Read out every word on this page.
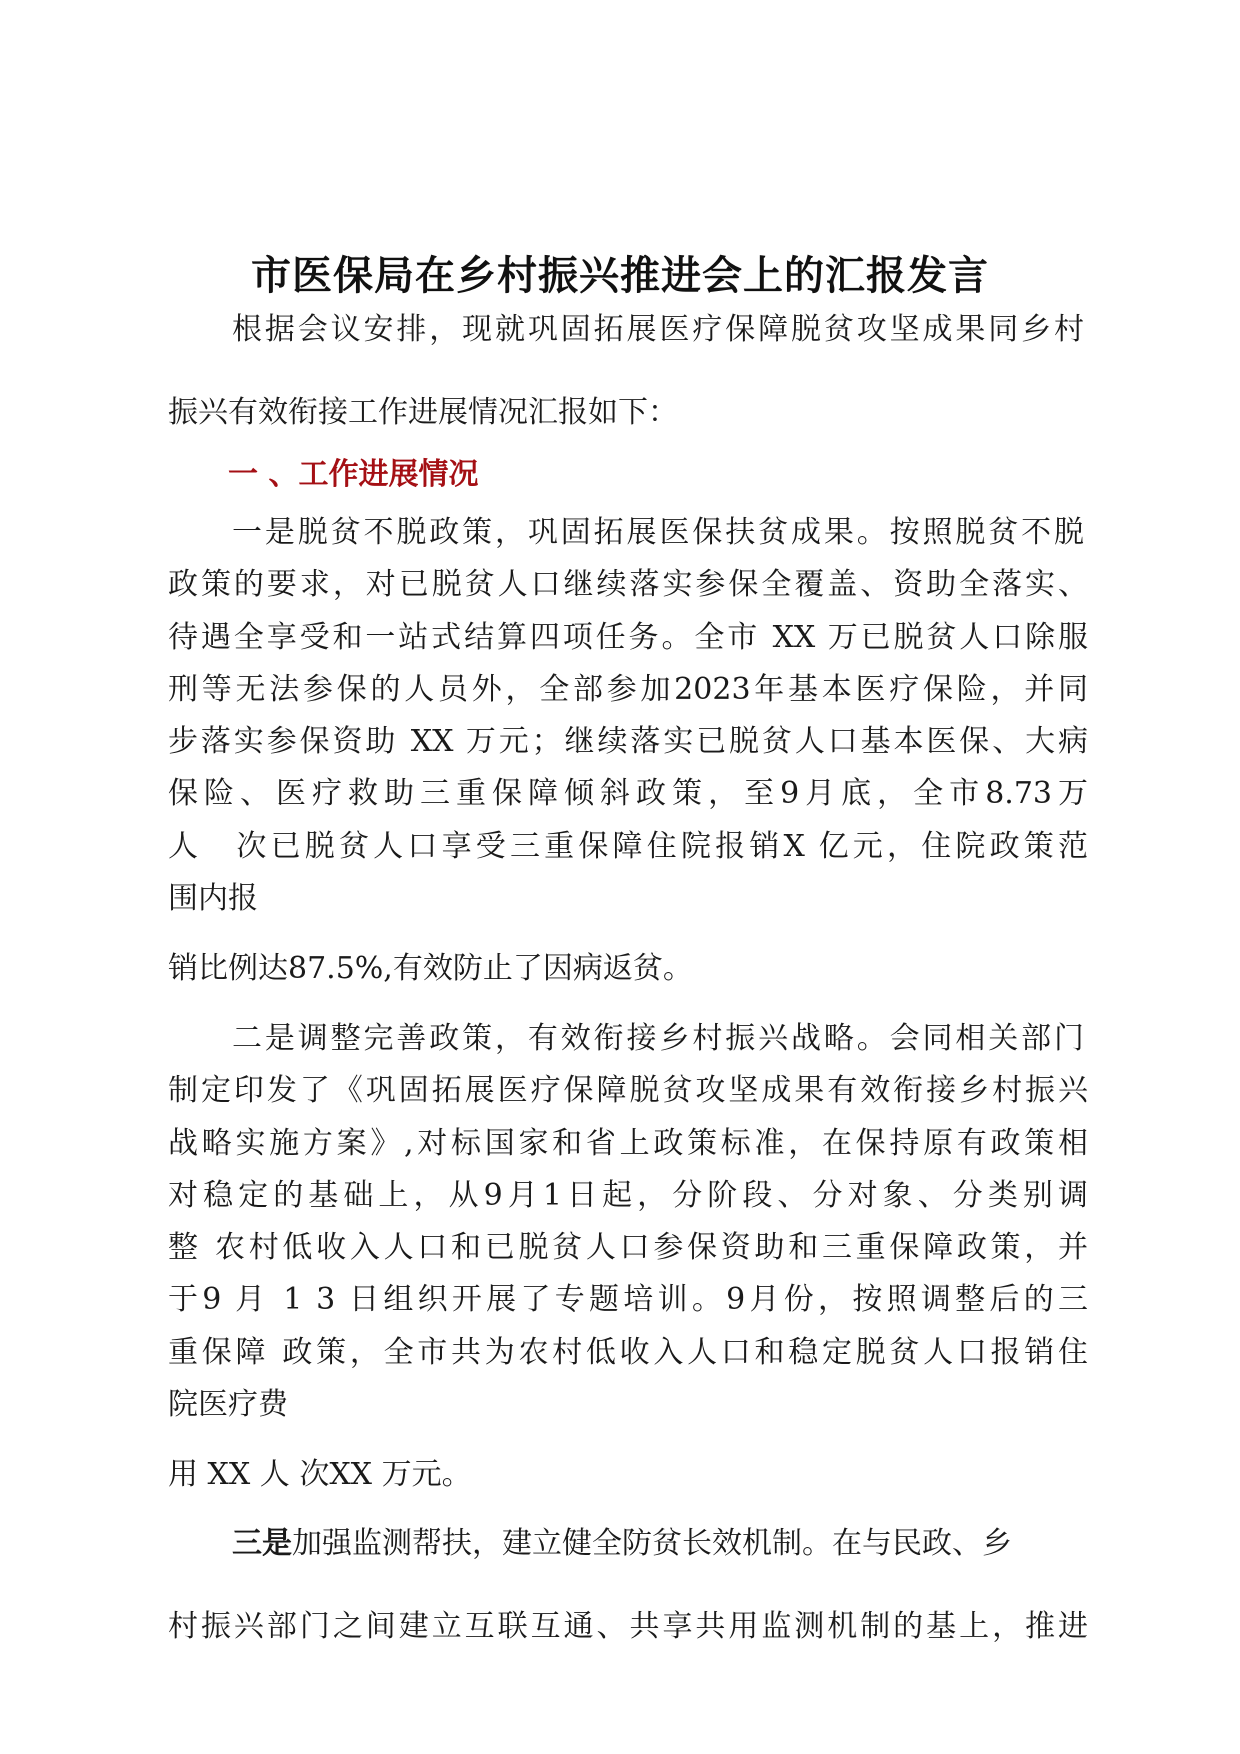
市医保局在乡村振兴推进会上的汇报发言
根据会议安排，现就巩固拓展医疗保障脱贫攻坚成果同乡村
振兴有效衔接工作进展情况汇报如下：
一 、工作进展情况
一是脱贫不脱政策，巩固拓展医保扶贫成果。按照脱贫不脱
政策的要求，对已脱贫人口继续落实参保全覆盖、资助全落实、
待遇全享受和一站式结算四项任务。全市 XX 万已脱贫人口除服
刑等无法参保的人员外，全部参加2023年基本医疗保险，并同
步落实参保资助 XX 万元；继续落实已脱贫人口基本医保、大病
保险、医疗救助三重保障倾斜政策，至9月底，全市8.73万
人　次已脱贫人口享受三重保障住院报销X 亿元，住院政策范
围内报
销比例达87.5%,有效防止了因病返贫。
二是调整完善政策，有效衔接乡村振兴战略。会同相关部门
制定印发了《巩固拓展医疗保障脱贫攻坚成果有效衔接乡村振兴
战略实施方案》,对标国家和省上政策标准，在保持原有政策相
对稳定的基础上，从9月1日起，分阶段、分对象、分类别调
整 农村低收入人口和已脱贫人口参保资助和三重保障政策，并
于9 月 1 3 日组织开展了专题培训。9月份，按照调整后的三
重保障 政策，全市共为农村低收入人口和稳定脱贫人口报销住
院医疗费
用 XX 人 次XX 万元。
三是加强监测帮扶，建立健全防贫长效机制。在与民政、乡
村振兴部门之间建立互联互通、共享共用监测机制的基上，推进
